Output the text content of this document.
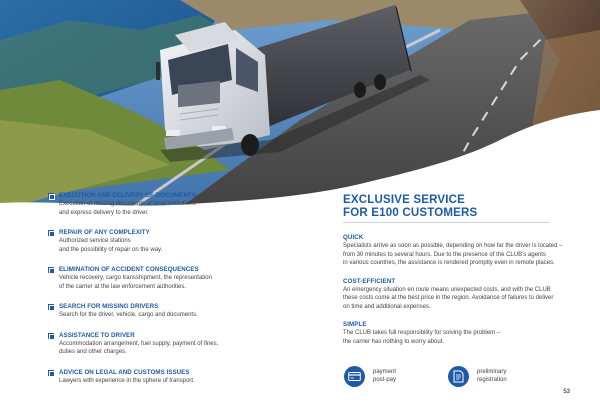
IVECO
EXECUTION AND DELIVERY OF DOCUMENTS
Execution of missing documents at local institutions
and express delivery to the driver.
REPAIR OF ANY COMPLEXITY
Authorized service stations
and the possibility of repair on the way.
ELIMINATION OF ACCIDENT CONSEQUENCES
Vehicle recovery, cargo transshipment, the representation
of the carrier at the law enforcement authorities.
SEARCH FOR MISSING DRIVERS
Search for the driver, vehicle, cargo and documents.
ASSISTANCE TO DRIVER
Accommodation arrangement, fuel supply, payment of fines,
duties and other charges.
ADVICE ON LEGAL AND CUSTOMS ISSUES
Lawyers with experience in the sphere of transport.
EXCLUSIVE SERVICE
FOR E100 CUSTOMERS
QUICK
Specialists arrive as soon as possible, depending on how far the driver is located –
from 30 minutes to several hours. Due to the presence of the CLUB's agents
in various countries, the assistance is rendered promptly even in remote places.
COST-EFFICIENT
An emergency situation en route means unexpected costs, and with the CLUB
these costs come at the best price in the region. Avoidance of failures to deliver
on time and additional expenses.
SIMPLE
The CLUB takes full responsibility for solving the problem –
the carrier has nothing to worry about.
payment
post-pay
preliminary
registration
53
